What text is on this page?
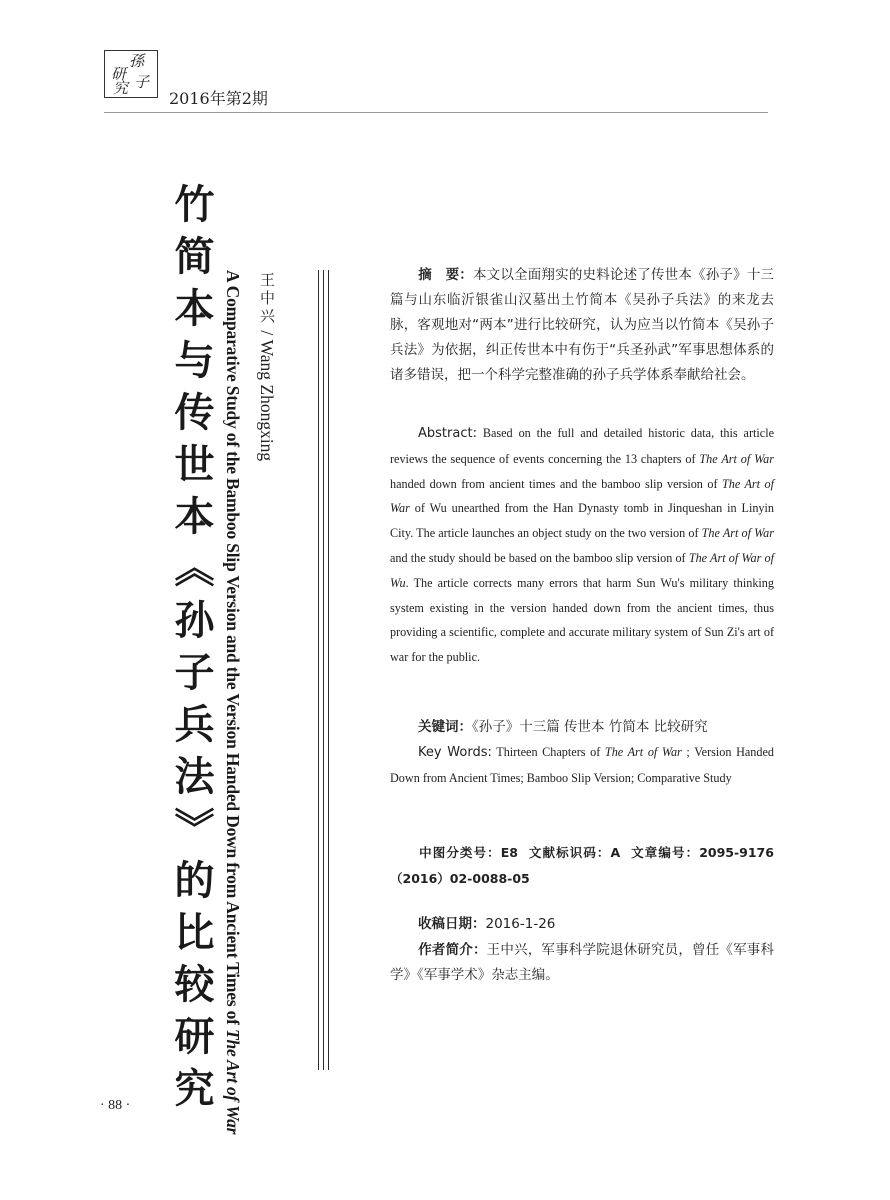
研
孫
究 子
2016年第2期
竹简本与传世本《孙子兵法》的比较研究 A Comparative Study of the Bamboo Slip Version and the Version Handed Down from Ancient Times of The Art of War
王中兴 / Wang Zhongxing
摘　要：本文以全面翔实的史料论述了传世本《孙子》十三篇与山东临沂银雀山汉墓出土竹简本《吴孙子兵法》的来龙去脉，客观地对“两本”进行比较研究，认为应当以竹简本《吴孙子兵法》为依据，纠正传世本中有伤于“兵圣孙武”军事思想体系的诸多错误，把一个科学完整准确的孙子兵学体系奉献给社会。
Abstract: Based on the full and detailed historic data, this article reviews the sequence of events concerning the 13 chapters of The Art of War handed down from ancient times and the bamboo slip version of The Art of War of Wu unearthed from the Han Dynasty tomb in Jinqueshan in Linyin City. The article launches an object study on the two version of The Art of War and the study should be based on the bamboo slip version of The Art of War of Wu. The article corrects many errors that harm Sun Wu's military thinking system existing in the version handed down from the ancient times, thus providing a scientific, complete and accurate military system of Sun Zi's art of war for the public.
关键词：《孙子》十三篇 传世本 竹简本 比较研究
Key Words: Thirteen Chapters of The Art of War ; Version Handed Down from Ancient Times; Bamboo Slip Version; Comparative Study
中图分类号：E8 文献标识码：A 文章编号：2095-9176（2016）02-0088-05
收稿日期：2016-1-26
作者简介：王中兴，军事科学院退休研究员，曾任《军事科学》《军事学术》杂志主编。
· 88 ·
